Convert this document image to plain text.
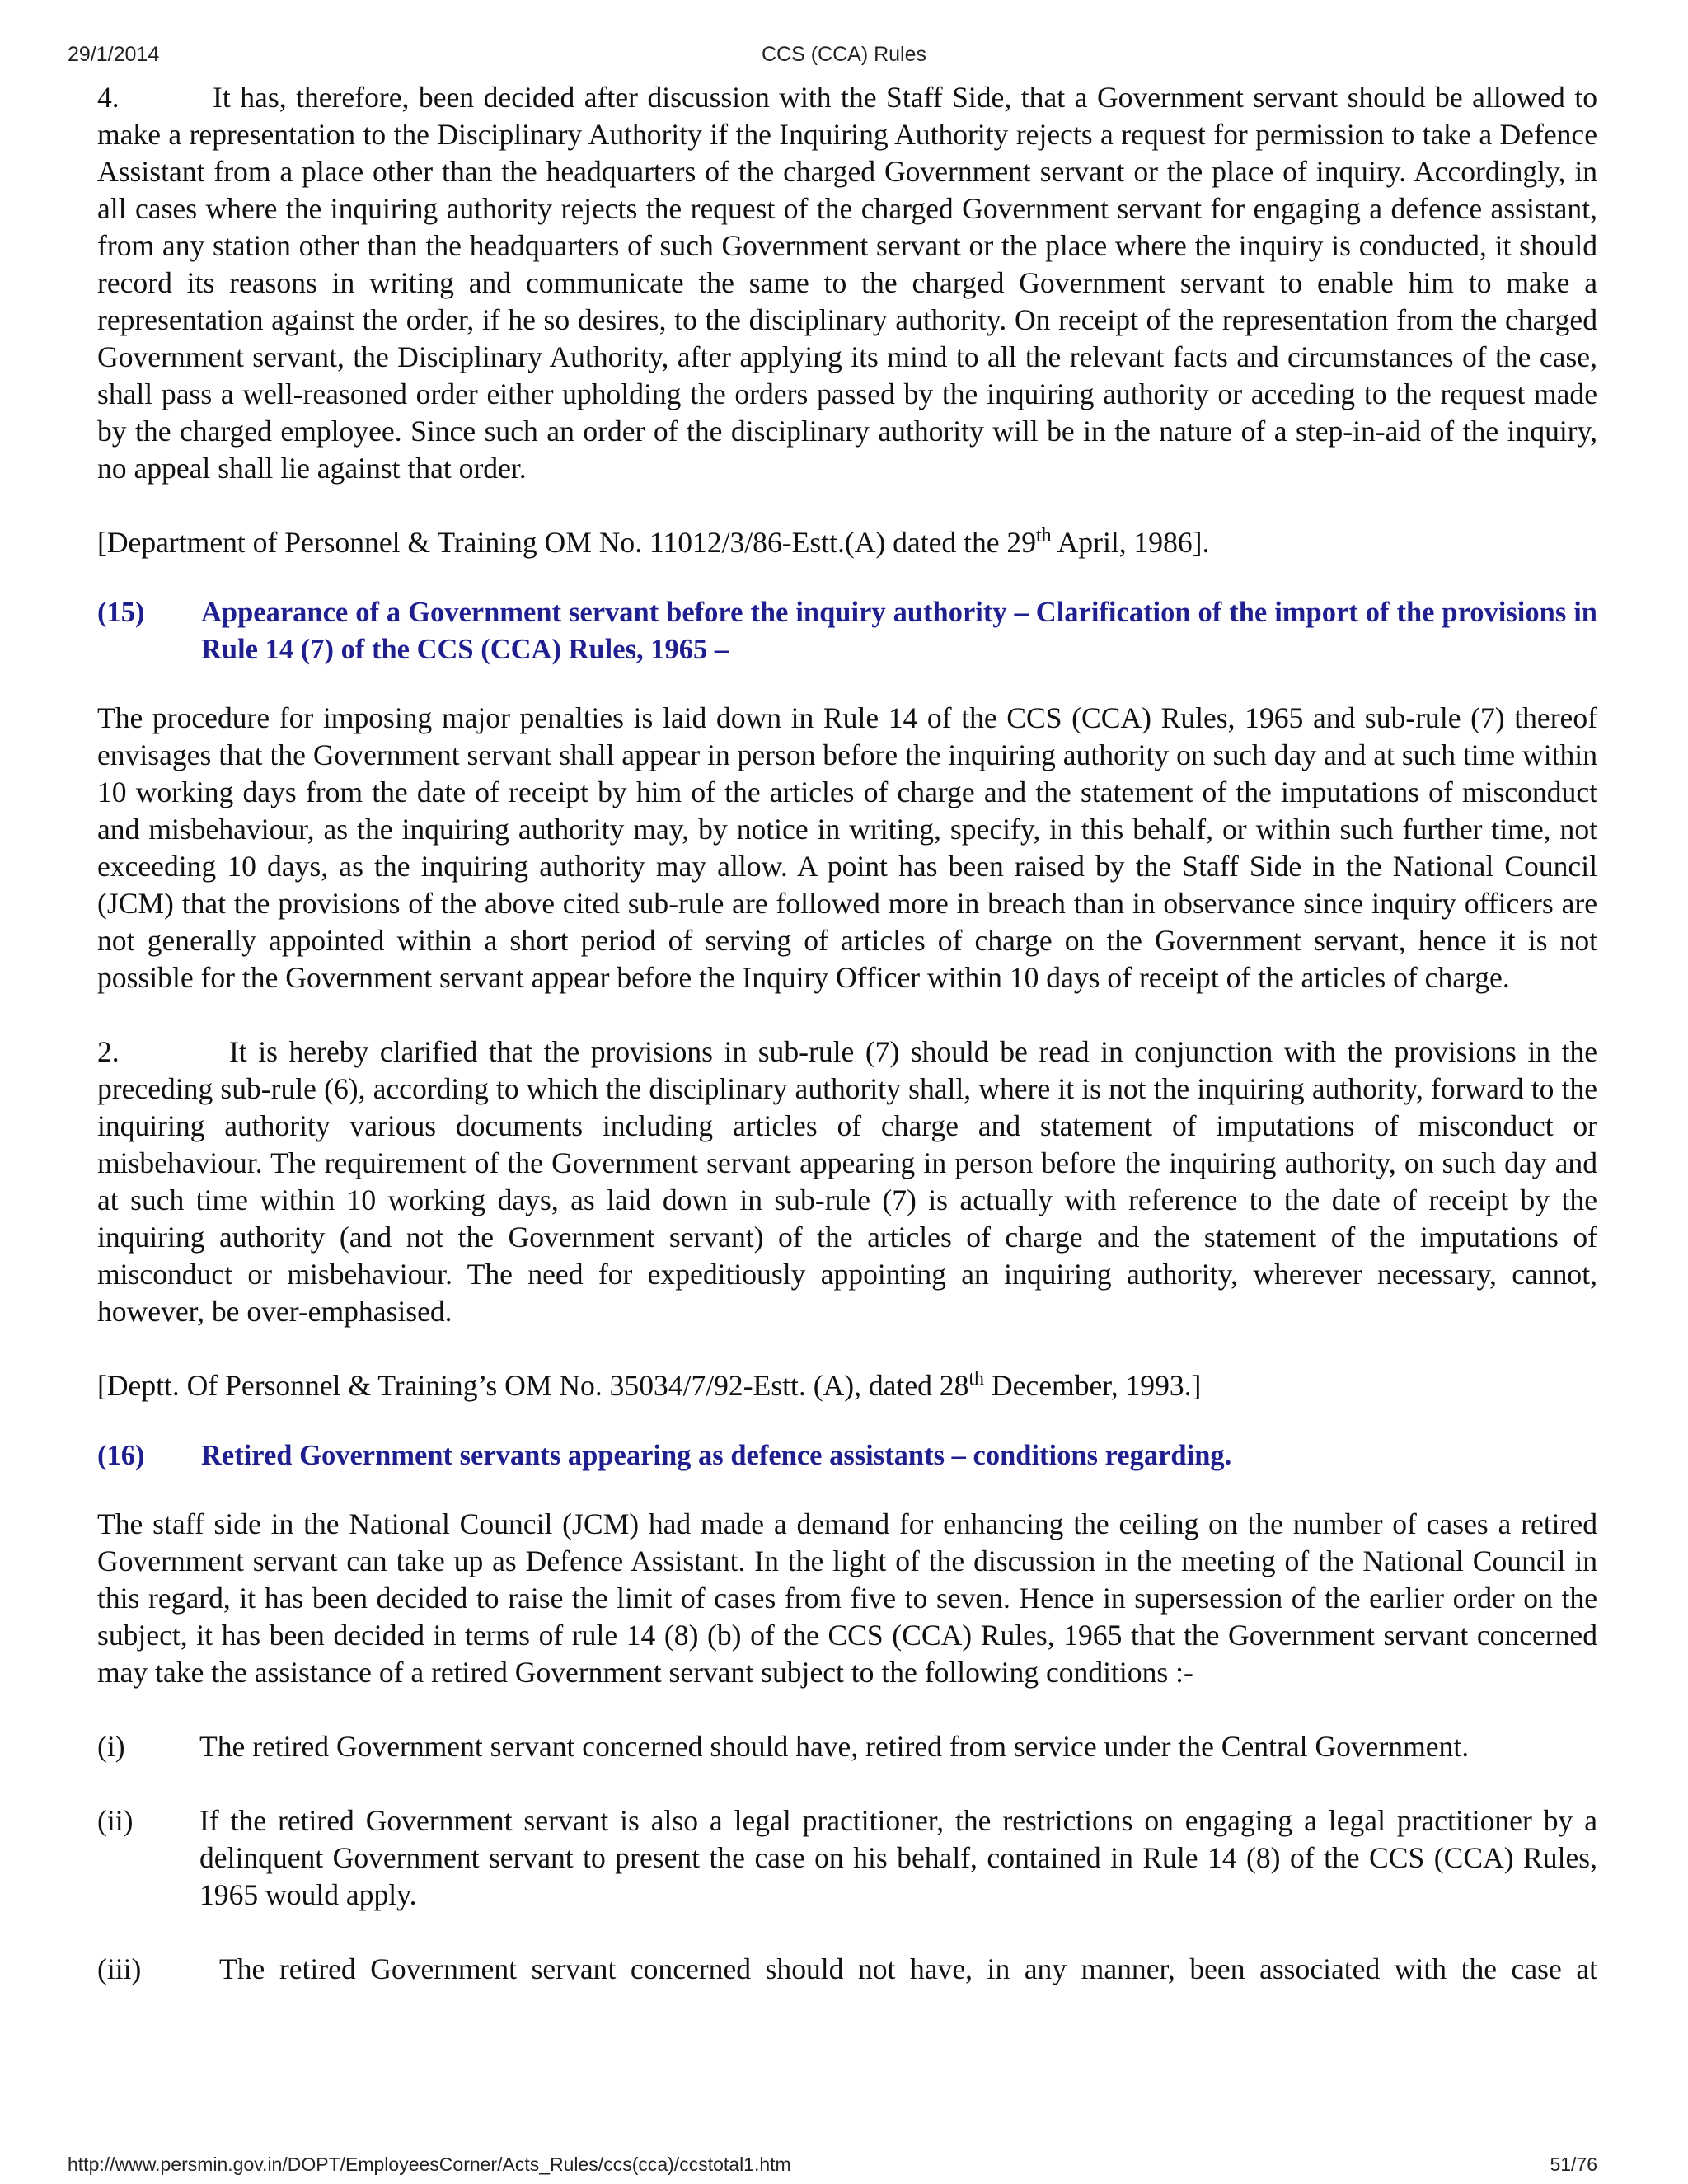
CCS (CCA) Rules
29/1/2014

4.	It has, therefore, been decided after discussion with the Staff Side, that a Government servant should be allowed to make a representation to the Disciplinary Authority if the Inquiring Authority rejects a request for permission to take a Defence Assistant from a place other than the headquarters of the charged Government servant or the place of inquiry. Accordingly, in all cases where the inquiring authority rejects the request of the charged Government servant for engaging a defence assistant, from any station other than the headquarters of such Government servant or the place where the inquiry is conducted, it should record its reasons in writing and communicate the same to the charged Government servant to enable him to make a representation against the order, if he so desires, to the disciplinary authority. On receipt of the representation from the charged Government servant, the Disciplinary Authority, after applying its mind to all the relevant facts and circumstances of the case, shall pass a well-reasoned order either upholding the orders passed by the inquiring authority or acceding to the request made by the charged employee. Since such an order of the disciplinary authority will be in the nature of a step-in-aid of the inquiry, no appeal shall lie against that order.

[Department of Personnel & Training OM No. 11012/3/86-Estt.(A) dated the 29th April, 1986].

(15)	Appearance of a Government servant before the inquiry authority – Clarification of the import of the provisions in Rule 14 (7) of the CCS (CCA) Rules, 1965 –

The procedure for imposing major penalties is laid down in Rule 14 of the CCS (CCA) Rules, 1965 and sub-rule (7) thereof envisages that the Government servant shall appear in person before the inquiring authority on such day and at such time within 10 working days from the date of receipt by him of the articles of charge and the statement of the imputations of misconduct and misbehaviour, as the inquiring authority may, by notice in writing, specify, in this behalf, or within such further time, not exceeding 10 days, as the inquiring authority may allow. A point has been raised by the Staff Side in the National Council (JCM) that the provisions of the above cited sub-rule are followed more in breach than in observance since inquiry officers are not generally appointed within a short period of serving of articles of charge on the Government servant, hence it is not possible for the Government servant appear before the Inquiry Officer within 10 days of receipt of the articles of charge.

2.	It is hereby clarified that the provisions in sub-rule (7) should be read in conjunction with the provisions in the preceding sub-rule (6), according to which the disciplinary authority shall, where it is not the inquiring authority, forward to the inquiring authority various documents including articles of charge and statement of imputations of misconduct or misbehaviour. The requirement of the Government servant appearing in person before the inquiring authority, on such day and at such time within 10 working days, as laid down in sub-rule (7) is actually with reference to the date of receipt by the inquiring authority (and not the Government servant) of the articles of charge and the statement of the imputations of misconduct or misbehaviour. The need for expeditiously appointing an inquiring authority, wherever necessary, cannot, however, be over-emphasised.

[Deptt. Of Personnel & Training’s OM No. 35034/7/92-Estt. (A), dated 28th December, 1993.]

(16)	Retired Government servants appearing as defence assistants – conditions regarding.

The staff side in the National Council (JCM) had made a demand for enhancing the ceiling on the number of cases a retired Government servant can take up as Defence Assistant. In the light of the discussion in the meeting of the National Council in this regard, it has been decided to raise the limit of cases from five to seven. Hence in supersession of the earlier order on the subject, it has been decided in terms of rule 14 (8) (b) of the CCS (CCA) Rules, 1965 that the Government servant concerned may take the assistance of a retired Government servant subject to the following conditions :-

(i)	The retired Government servant concerned should have, retired from service under the Central Government.
(ii)	If the retired Government servant is also a legal practitioner, the restrictions on engaging a legal practitioner by a delinquent Government servant to present the case on his behalf, contained in Rule 14 (8) of the CCS (CCA) Rules, 1965 would apply.
(iii)	The retired Government servant concerned should not have, in any manner, been associated with the case at
http://www.persmin.gov.in/DOPT/EmployeesCorner/Acts_Rules/ccs(cca)/ccstotal1.htm	51/76
